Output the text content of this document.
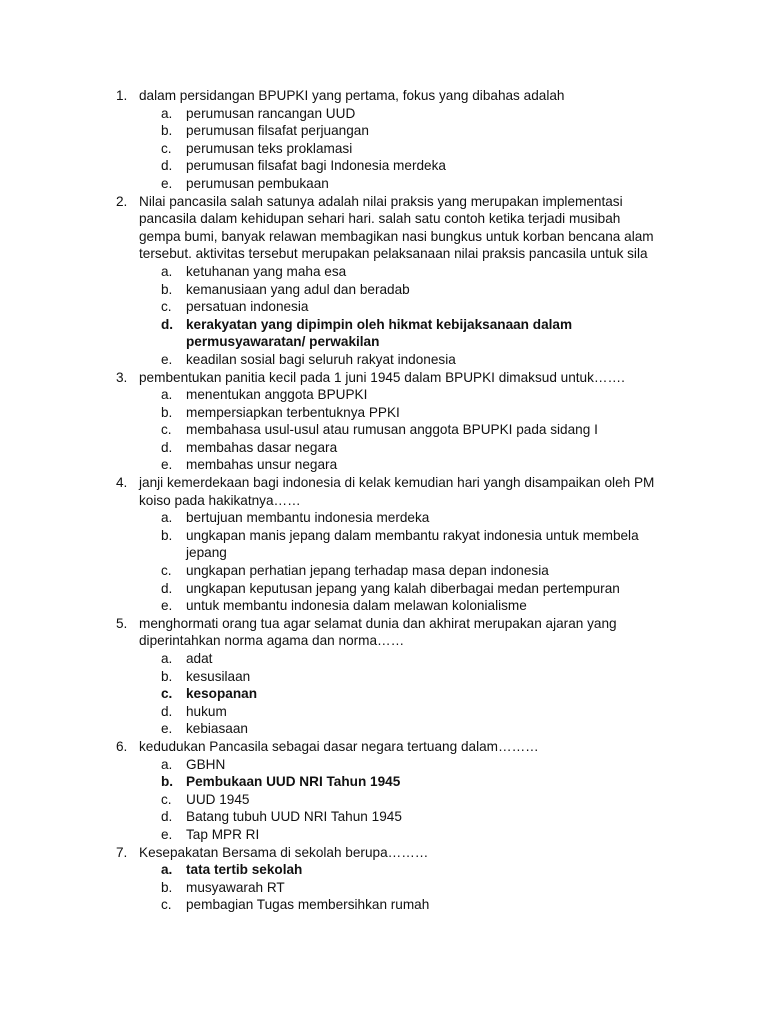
1. dalam persidangan BPUPKI yang pertama, fokus yang dibahas adalah
a. perumusan rancangan UUD
b. perumusan filsafat perjuangan
c. perumusan teks proklamasi
d. perumusan filsafat bagi Indonesia merdeka
e. perumusan pembukaan
2. Nilai pancasila salah satunya adalah nilai praksis yang merupakan implementasi pancasila dalam kehidupan sehari hari. salah satu contoh ketika terjadi musibah gempa bumi, banyak relawan membagikan nasi bungkus untuk korban bencana alam tersebut. aktivitas tersebut merupakan pelaksanaan nilai praksis pancasila untuk sila
a. ketuhanan yang maha esa
b. kemanusiaan yang adul dan beradab
c. persatuan indonesia
d. kerakyatan yang dipimpin oleh hikmat kebijaksanaan dalam permusyawaratan/ perwakilan
e. keadilan sosial bagi seluruh rakyat indonesia
3. pembentukan panitia kecil pada 1 juni 1945 dalam BPUPKI dimaksud untuk…….
a. menentukan anggota BPUPKI
b. mempersiapkan terbentuknya PPKI
c. membahasa usul-usul atau rumusan anggota BPUPKI pada sidang I
d. membahas dasar negara
e. membahas unsur negara
4. janji kemerdekaan bagi indonesia di kelak kemudian hari yangh disampaikan oleh PM koiso pada hakikatnya……
a. bertujuan membantu indonesia merdeka
b. ungkapan manis jepang dalam membantu rakyat indonesia untuk membela jepang
c. ungkapan perhatian jepang terhadap masa depan indonesia
d. ungkapan keputusan jepang yang kalah diberbagai medan pertempuran
e. untuk membantu indonesia dalam melawan kolonialisme
5. menghormati orang tua agar selamat dunia dan akhirat merupakan ajaran yang diperintahkan norma agama dan norma……
a. adat
b. kesusilaan
c. kesopanan
d. hukum
e. kebiasaan
6. kedudukan Pancasila sebagai dasar negara tertuang dalam………
a. GBHN
b. Pembukaan UUD NRI Tahun 1945
c. UUD 1945
d. Batang tubuh UUD NRI Tahun 1945
e. Tap MPR RI
7. Kesepakatan Bersama di sekolah berupa………
a. tata tertib sekolah
b. musyawarah RT
c. pembagian Tugas membersihkan rumah
